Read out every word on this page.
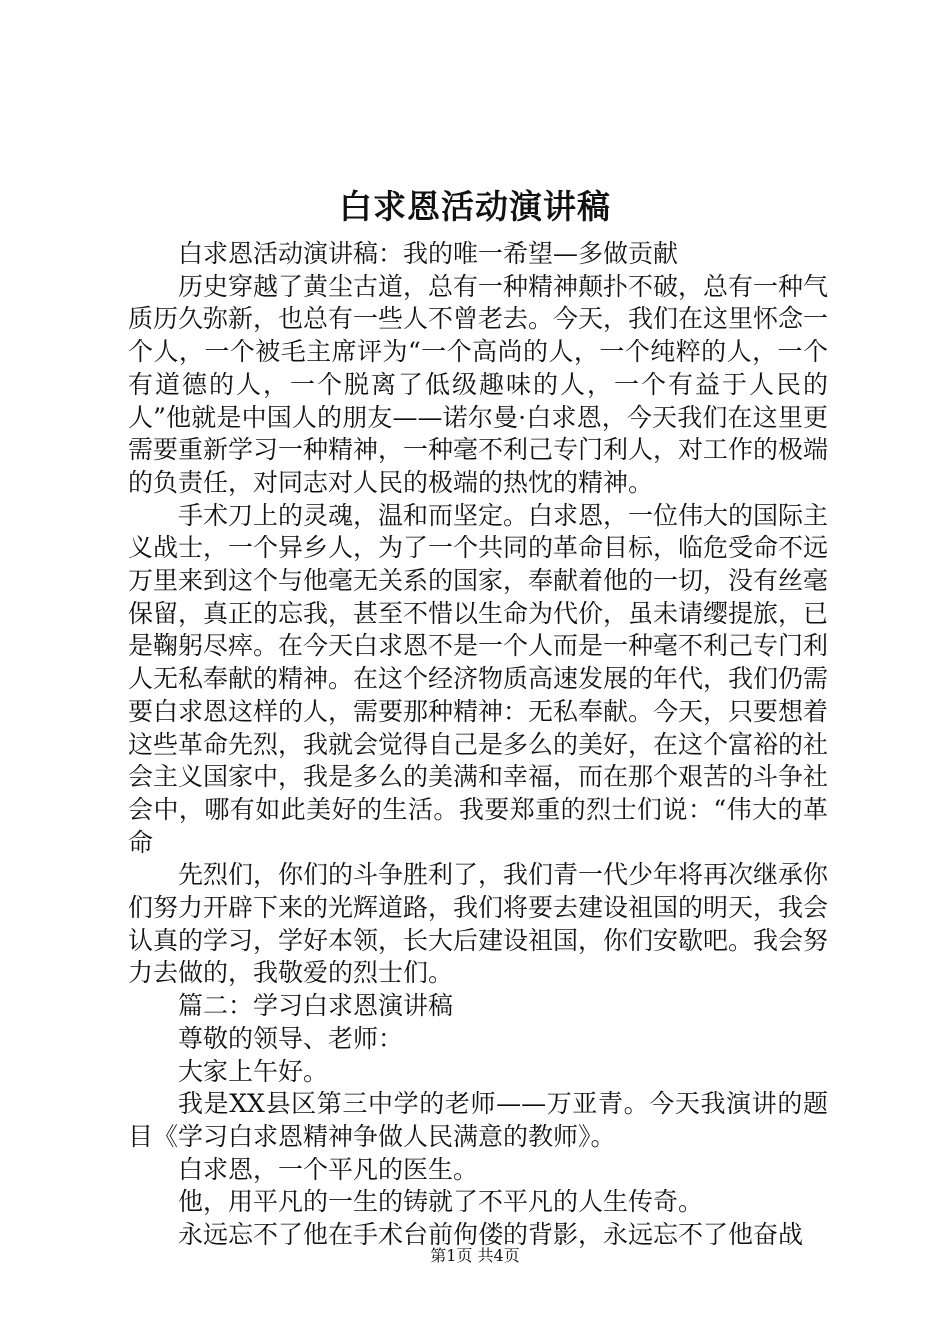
白求恩活动演讲稿

白求恩活动演讲稿：我的唯一希望—多做贡献

历史穿越了黄尘古道，总有一种精神颠扑不破，总有一种气质历久弥新，也总有一些人不曾老去。今天，我们在这里怀念一个人，一个被毛主席评为“一个高尚的人，一个纯粹的人，一个有道德的人，一个脱离了低级趣味的人，一个有益于人民的人”他就是中国人的朋友——诺尔曼·白求恩，今天我们在这里更需要重新学习一种精神，一种毫不利己专门利人，对工作的极端的负责任，对同志对人民的极端的热忱的精神。

手术刀上的灵魂，温和而坚定。白求恩，一位伟大的国际主义战士，一个异乡人，为了一个共同的革命目标，临危受命不远万里来到这个与他毫无关系的国家，奉献着他的一切，没有丝毫保留，真正的忘我，甚至不惜以生命为代价，虽未请缨提旅，已是鞠躬尽瘁。在今天白求恩不是一个人而是一种毫不利己专门利人无私奉献的精神。在这个经济物质高速发展的年代，我们仍需要白求恩这样的人，需要那种精神：无私奉献。今天，只要想着这些革命先烈，我就会觉得自己是多么的美好，在这个富裕的社会主义国家中，我是多么的美满和幸福，而在那个艰苦的斗争社会中，哪有如此美好的生活。我要郑重的烈士们说：“伟大的革命

先烈们，你们的斗争胜利了，我们青一代少年将再次继承你们努力开辟下来的光辉道路，我们将要去建设祖国的明天，我会认真的学习，学好本领，长大后建设祖国，你们安歇吧。我会努力去做的，我敬爱的烈士们。

篇二：学习白求恩演讲稿

尊敬的领导、老师：

大家上午好。

我是XX县区第三中学的老师——万亚青。今天我演讲的题目《学习白求恩精神争做人民满意的教师》。

白求恩，一个平凡的医生。

他，用平凡的一生的铸就了不平凡的人生传奇。

永远忘不了他在手术台前佝偻的背影，永远忘不了他奋战

第1页 共4页
